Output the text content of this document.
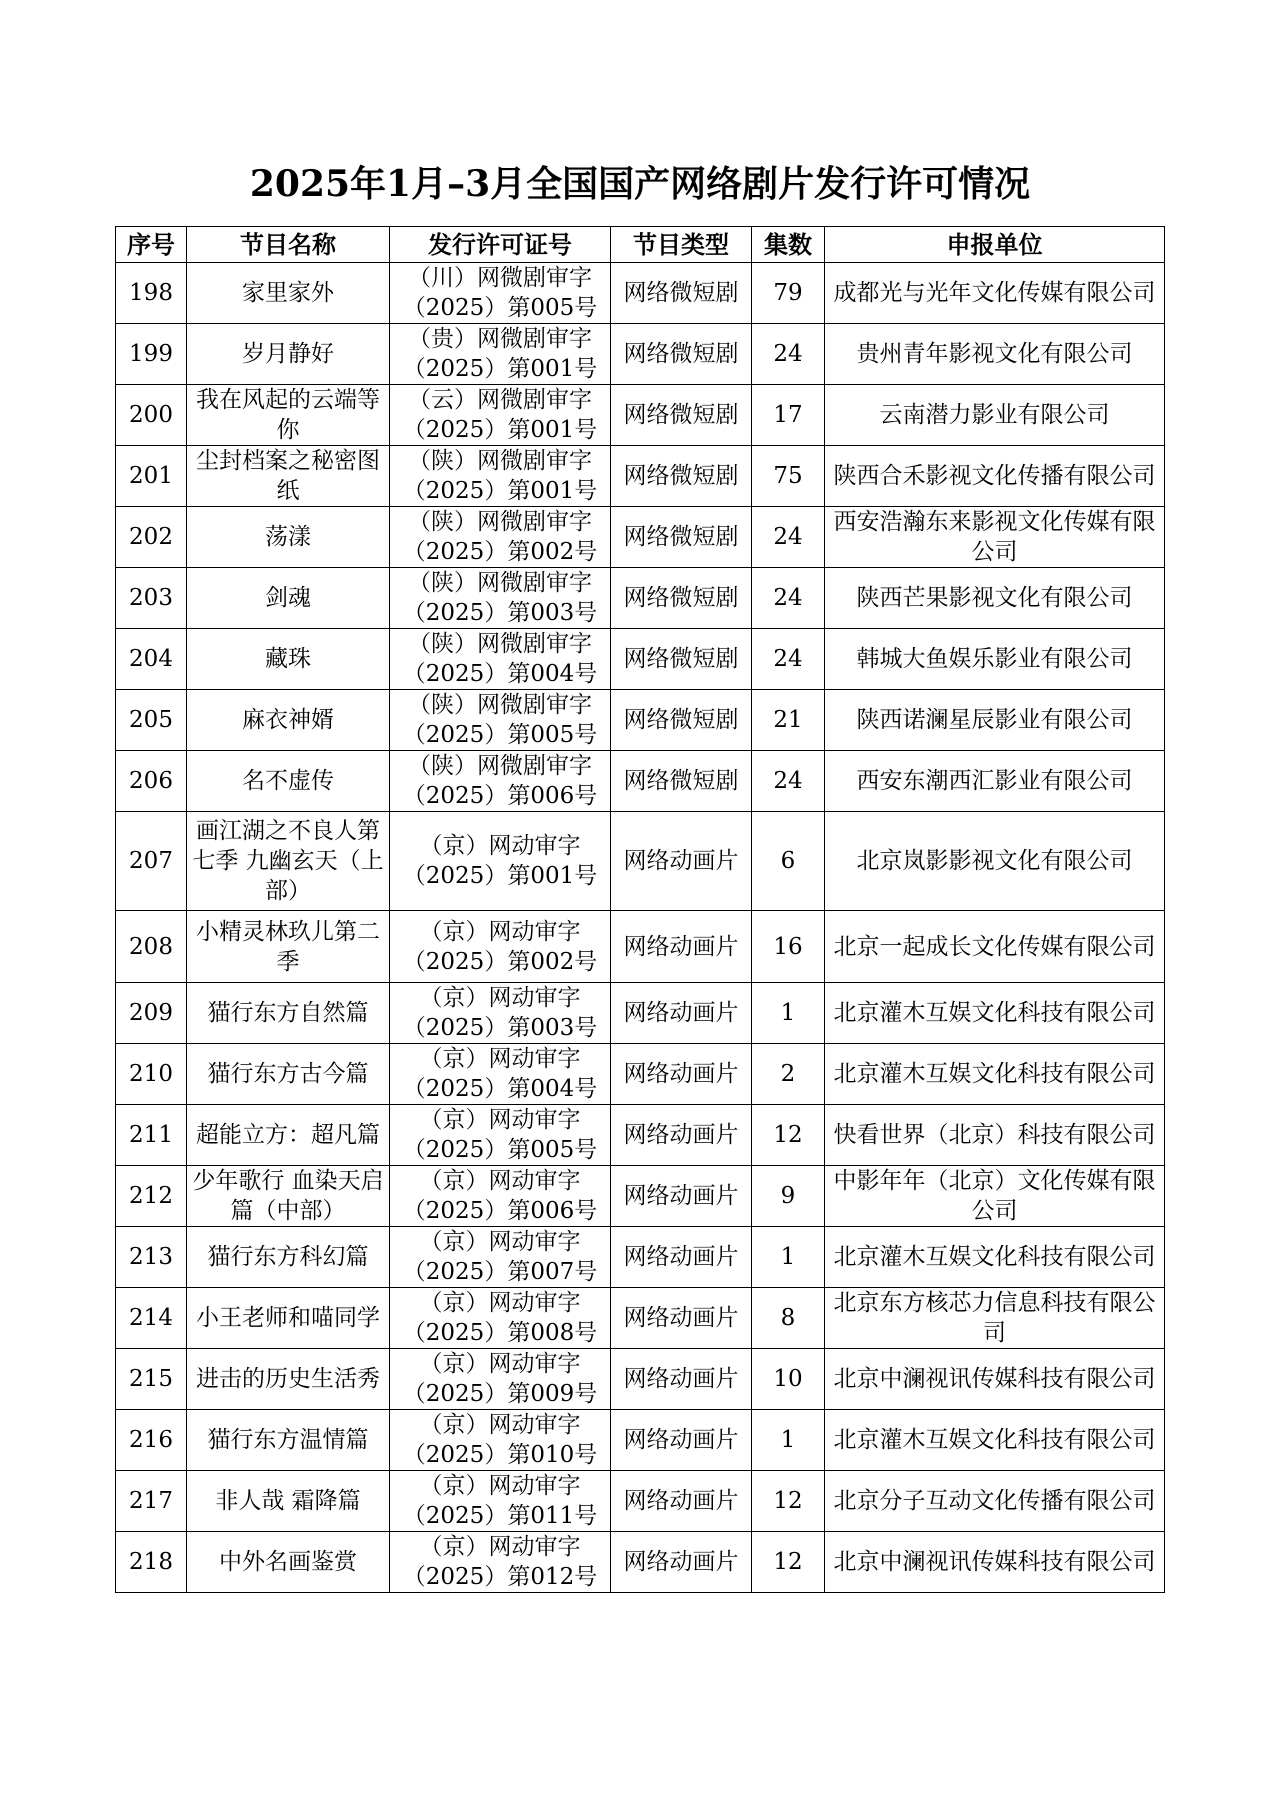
2025年1月–3月全国国产网络剧片发行许可情况
序号	节目名称	发行许可证号	节目类型	集数	申报单位

198	家里家外	（川）网微剧审字（2025）第005号	网络微短剧	79	成都光与光年文化传媒有限公司

199	岁月静好	（贵）网微剧审字（2025）第001号	网络微短剧	24	贵州青年影视文化有限公司

200	我在风起的云端等你	（云）网微剧审字（2025）第001号	网络微短剧	17	云南潜力影业有限公司

201	尘封档案之秘密图纸	（陕）网微剧审字（2025）第001号	网络微短剧	75	陕西合禾影视文化传播有限公司

202	荡漾	（陕）网微剧审字（2025）第002号	网络微短剧	24	西安浩瀚东来影视文化传媒有限公司

203	剑魂	（陕）网微剧审字（2025）第003号	网络微短剧	24	陕西芒果影视文化有限公司

204	藏珠	（陕）网微剧审字（2025）第004号	网络微短剧	24	韩城大鱼娱乐影业有限公司

205	麻衣神婿	（陕）网微剧审字（2025）第005号	网络微短剧	21	陕西诺澜星辰影业有限公司

206	名不虚传	（陕）网微剧审字（2025）第006号	网络微短剧	24	西安东潮西汇影业有限公司

207	画江湖之不良人第七季 九幽玄天（上部）	（京）网动审字（2025）第001号	网络动画片	6	北京岚影影视文化有限公司

208	小精灵林玖儿第二季	（京）网动审字（2025）第002号	网络动画片	16	北京一起成长文化传媒有限公司

209	猫行东方自然篇	（京）网动审字（2025）第003号	网络动画片	1	北京灌木互娱文化科技有限公司

210	猫行东方古今篇	（京）网动审字（2025）第004号	网络动画片	2	北京灌木互娱文化科技有限公司

211	超能立方：超凡篇	（京）网动审字（2025）第005号	网络动画片	12	快看世界（北京）科技有限公司

212	少年歌行 血染天启篇（中部）	（京）网动审字（2025）第006号	网络动画片	9	中影年年（北京）文化传媒有限公司

213	猫行东方科幻篇	（京）网动审字（2025）第007号	网络动画片	1	北京灌木互娱文化科技有限公司

214	小王老师和喵同学	（京）网动审字（2025）第008号	网络动画片	8	北京东方核芯力信息科技有限公司

215	进击的历史生活秀	（京）网动审字（2025）第009号	网络动画片	10	北京中澜视讯传媒科技有限公司

216	猫行东方温情篇	（京）网动审字（2025）第010号	网络动画片	1	北京灌木互娱文化科技有限公司

217	非人哉 霜降篇	（京）网动审字（2025）第011号	网络动画片	12	北京分子互动文化传播有限公司

218	中外名画鉴赏	（京）网动审字（2025）第012号	网络动画片	12	北京中澜视讯传媒科技有限公司
